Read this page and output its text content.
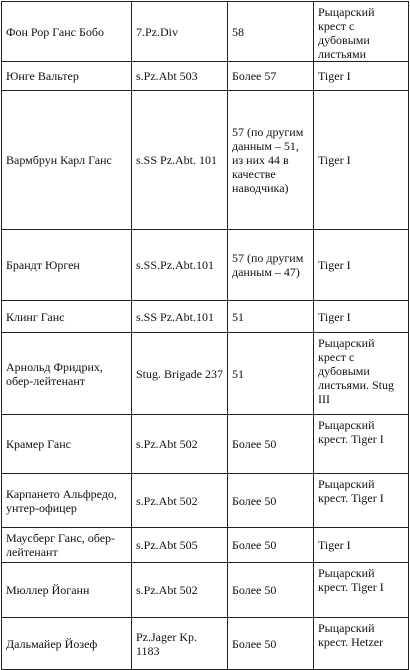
Фон Рор Ганс Бобо	7.Pz.Div	58	Рыцарский крест с дубовыми листьями
Юнге Вальтер	s.Pz.Abt 503	Более 57	Tiger I
Вармбрун Карл Ганс	s.SS Pz.Abt. 101	57 (по другим данным – 51, из них 44 в качестве наводчика)	Tiger I
Брандт Юрген	s.SS.Pz.Abt.101	57 (по другим данным – 47)	Tiger I
Клинг Ганс	s.SS Pz.Abt.101	51	Tiger I
Арнольд Фридрих, обер-лейтенант	Stug. Brigade 237	51	Рыцарский крест с дубовыми листьями. Stug III
Крамер Ганс	s.Pz.Abt 502	Более 50	Рыцарский крест. Tiger I
Карпането Альфредо, унтер-офицер	s.Pz.Abt 502	Более 50	Рыцарский крест. Tiger I
Маусберг Ганс, обер-лейтенант	s.Pz.Abt 505	Более 50	Tiger I
Мюллер Йоганн	s.Pz.Abt 502	Более 50	Рыцарский крест. Tiger I
Дальмайер Йозеф	Pz.Jager Kp. 1183	Более 50	Рыцарский крест. Hetzer
